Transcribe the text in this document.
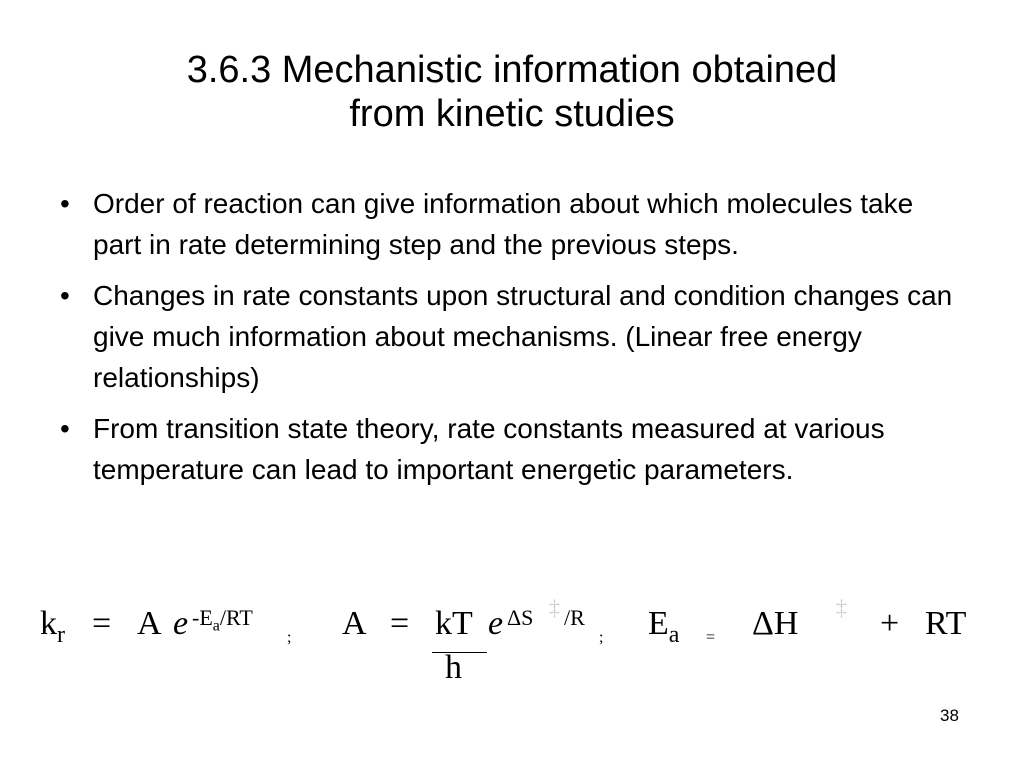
3.6.3 Mechanistic information obtained
from kinetic studies
• Order of reaction can give information about which molecules take part in rate determining step and the previous steps.
• Changes in rate constants upon structural and condition changes can give much information about mechanisms. (Linear free energy relationships)
• From transition state theory, rate constants measured at various temperature can lead to important energetic parameters.
$k_r = A$ e $-E_a/RT$
; A = kT
h
e ΔS ‡ /R
; $E_a = \Delta H$ ‡ + RT
38
